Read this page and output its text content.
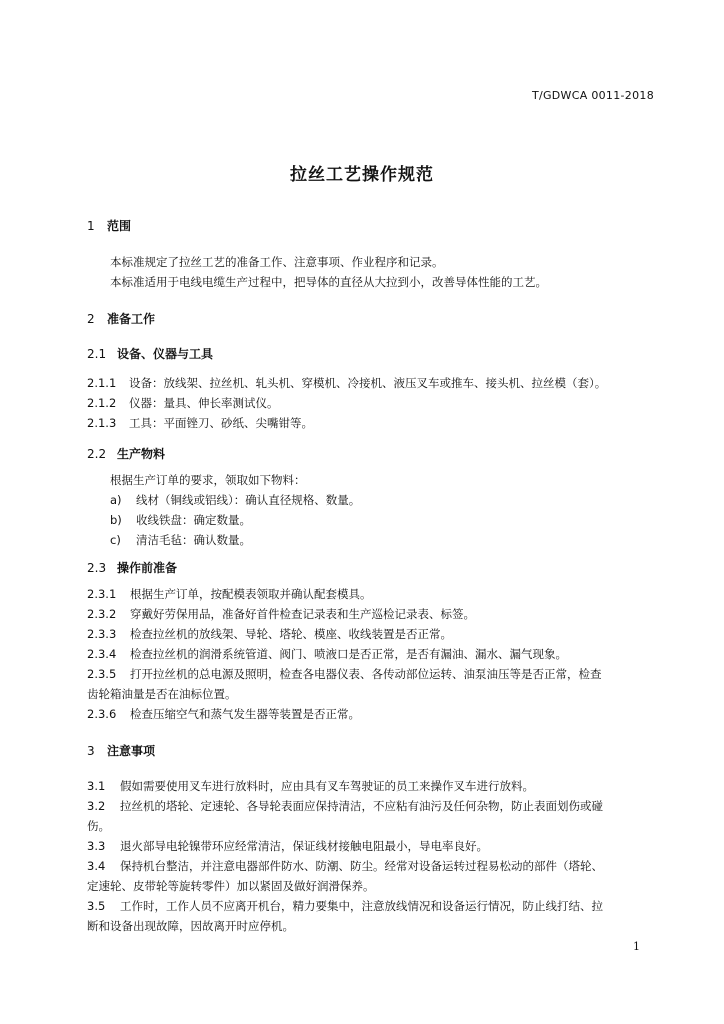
T/GDWCA 0011-2018
拉丝工艺操作规范
1 范围
本标准规定了拉丝工艺的准备工作、注意事项、作业程序和记录。
本标准适用于电线电缆生产过程中，把导体的直径从大拉到小，改善导体性能的工艺。
2 准备工作
2.1 设备、仪器与工具
2.1.1 设备：放线架、拉丝机、轧头机、穿模机、冷接机、液压叉车或推车、接头机、拉丝模（套）。
2.1.2 仪器：量具、伸长率测试仪。
2.1.3 工具：平面锉刀、砂纸、尖嘴钳等。
2.2 生产物料
根据生产订单的要求，领取如下物料：
a) 线材（铜线或铝线）：确认直径规格、数量。
b) 收线铁盘：确定数量。
c) 清洁毛毡：确认数量。
2.3 操作前准备
2.3.1 根据生产订单，按配模表领取并确认配套模具。
2.3.2 穿戴好劳保用品，准备好首件检查记录表和生产巡检记录表、标签。
2.3.3 检查拉丝机的放线架、导轮、塔轮、模座、收线装置是否正常。
2.3.4 检查拉丝机的润滑系统管道、阀门、喷液口是否正常，是否有漏油、漏水、漏气现象。
2.3.5 打开拉丝机的总电源及照明，检查各电器仪表、各传动部位运转、油泵油压等是否正常，检查
齿轮箱油量是否在油标位置。
2.3.6 检查压缩空气和蒸气发生器等装置是否正常。
3 注意事项
3.1 假如需要使用叉车进行放料时，应由具有叉车驾驶证的员工来操作叉车进行放料。
3.2 拉丝机的塔轮、定速轮、各导轮表面应保持清洁，不应粘有油污及任何杂物，防止表面划伤或碰
伤。
3.3 退火部导电轮镍带环应经常清洁，保证线材接触电阻最小，导电率良好。
3.4 保持机台整洁，并注意电器部件防水、防潮、防尘。经常对设备运转过程易松动的部件（塔轮、
定速轮、皮带轮等旋转零件）加以紧固及做好润滑保养。
3.5 工作时，工作人员不应离开机台，精力要集中，注意放线情况和设备运行情况，防止线打结、拉
断和设备出现故障，因故离开时应停机。
1
